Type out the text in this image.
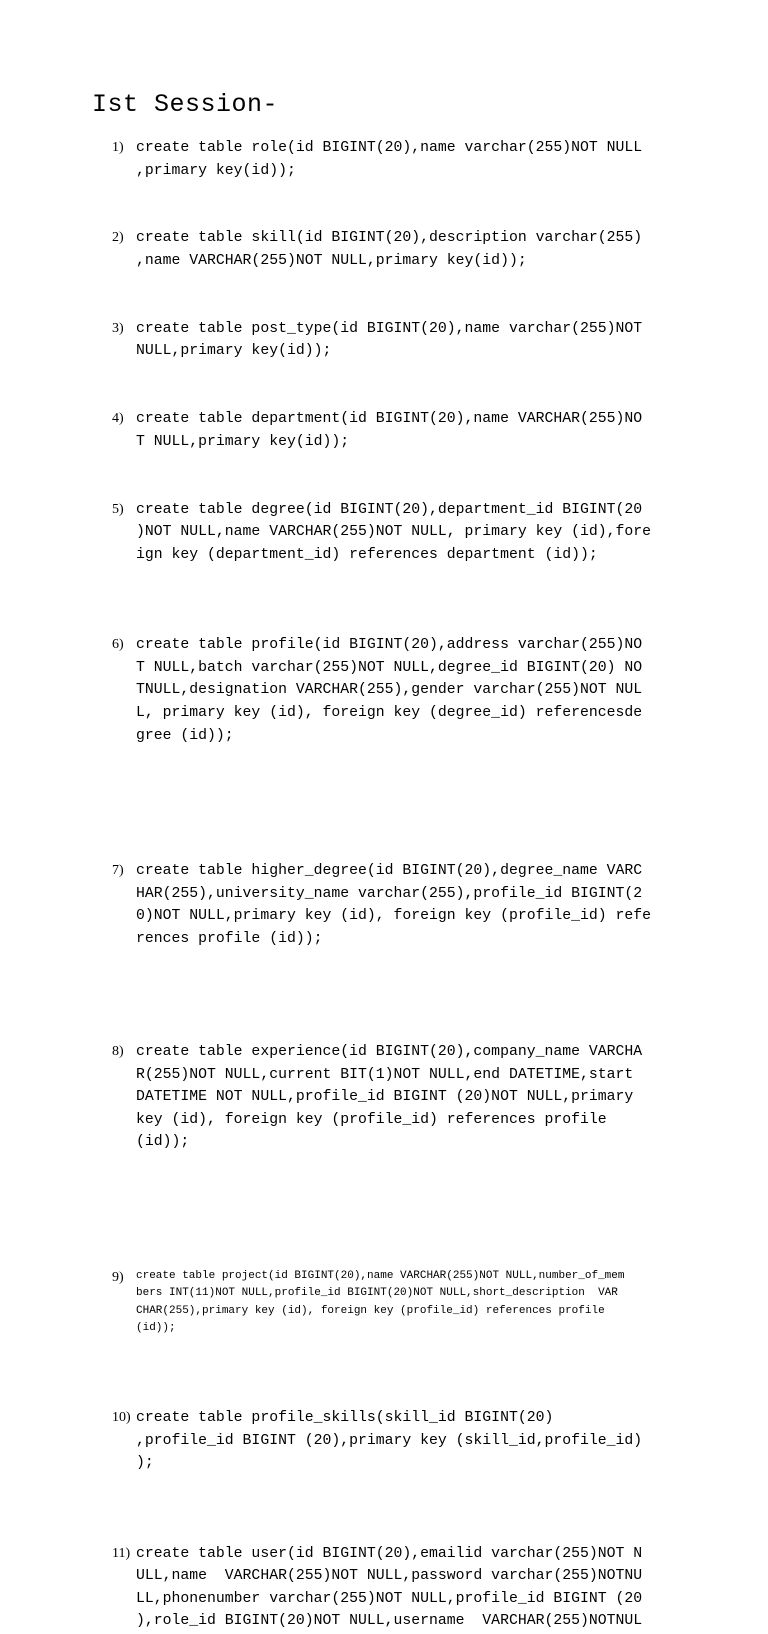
Ist Session-
1) create table role(id BIGINT(20),name varchar(255)NOT NULL
,primary key(id));
2) create table skill(id BIGINT(20),description varchar(255)
,name VARCHAR(255)NOT NULL,primary key(id));
3) create table post_type(id BIGINT(20),name varchar(255)NOT
NULL,primary key(id));
4) create table department(id BIGINT(20),name VARCHAR(255)NO
T NULL,primary key(id));
5) create table degree(id BIGINT(20),department_id BIGINT(20
)NOT NULL,name VARCHAR(255)NOT NULL, primary key (id),fore
ign key (department_id) references department (id));
6) create table profile(id BIGINT(20),address varchar(255)NO
T NULL,batch varchar(255)NOT NULL,degree_id BIGINT(20) NO
TNULL,designation VARCHAR(255),gender varchar(255)NOT NUL
L, primary key (id), foreign key (degree_id) referencesde
gree (id));
7) create table higher_degree(id BIGINT(20),degree_name VARC
HAR(255),university_name varchar(255),profile_id BIGINT(2
0)NOT NULL,primary key (id), foreign key (profile_id) refe
rences profile (id));
8) create table experience(id BIGINT(20),company_name VARCHA
R(255)NOT NULL,current BIT(1)NOT NULL,end DATETIME,start
DATETIME NOT NULL,profile_id BIGINT (20)NOT NULL,primary
key (id), foreign key (profile_id) references profile
(id));
9)	create table project(id BIGINT(20),name VARCHAR(255)NOT NULL,number_of_mem
bers INT(11)NOT NULL,profile_id BIGINT(20)NOT NULL,short_description  VAR
CHAR(255),primary key (id), foreign key (profile_id) references profile
(id));
10) create table profile_skills(skill_id BIGINT(20)
,profile_id BIGINT (20),primary key (skill_id,profile_id)
);
11) create table user(id BIGINT(20),emailid varchar(255)NOT N
ULL,name  VARCHAR(255)NOT NULL,password varchar(255)NOTNU
LL,phonenumber varchar(255)NOT NULL,profile_id BIGINT (20
),role_id BIGINT(20)NOT NULL,username  VARCHAR(255)NOTNUL
